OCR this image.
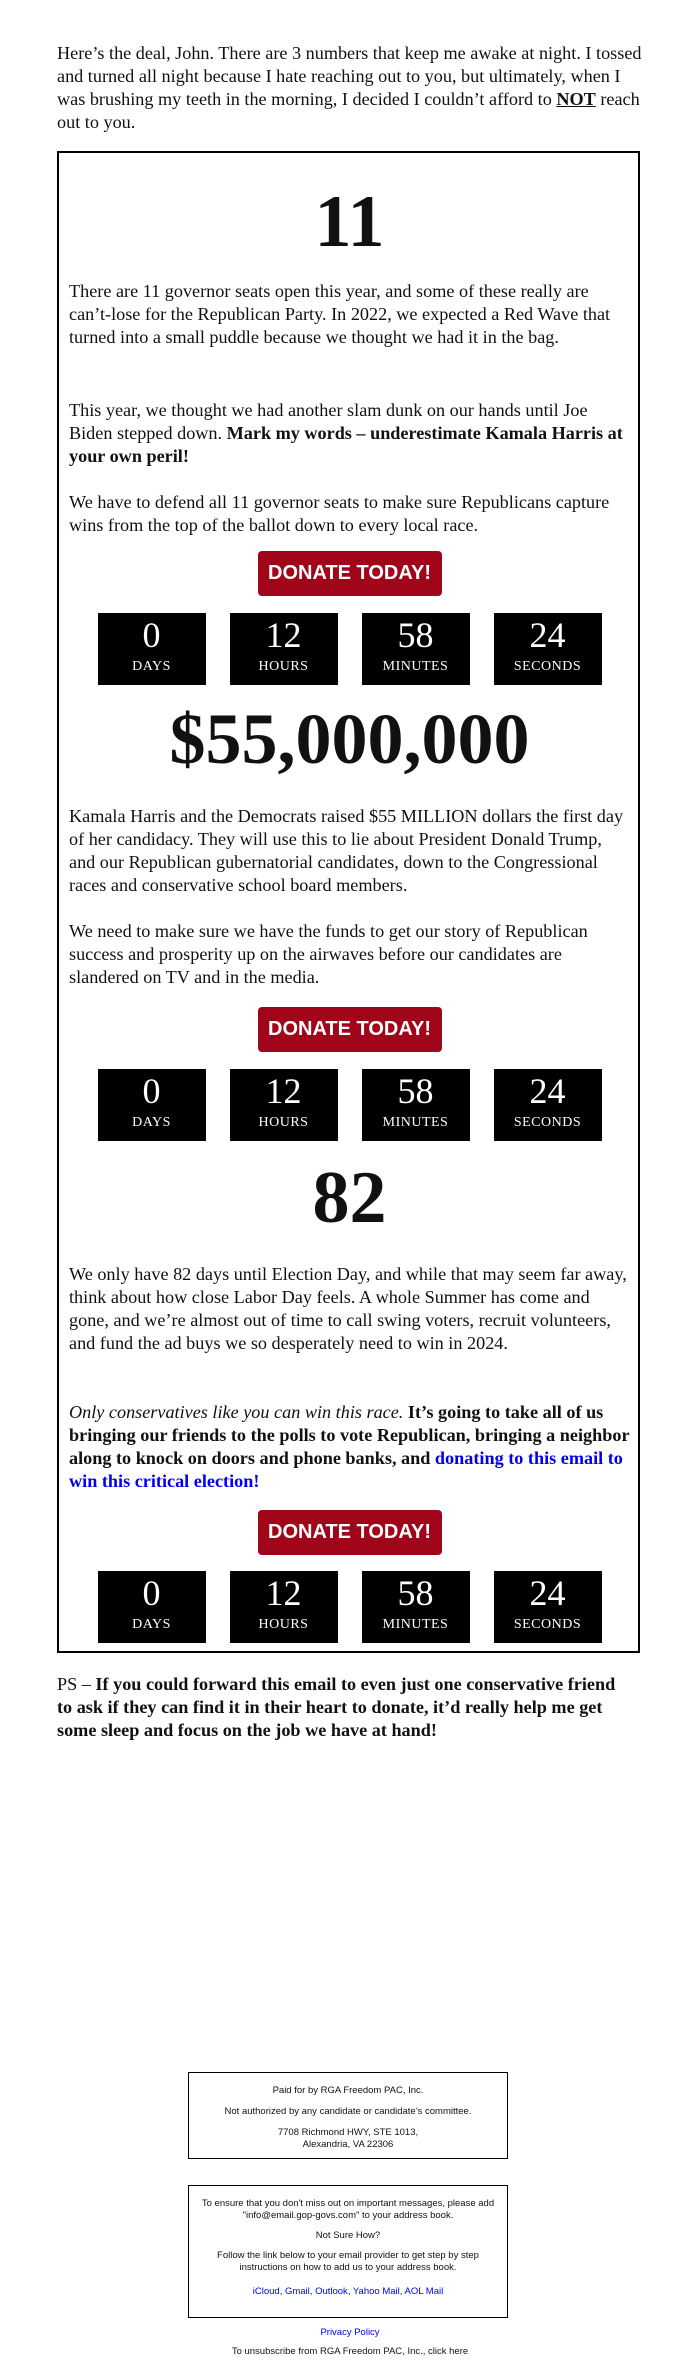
Here’s the deal, John. There are 3 numbers that keep me awake at night. I tossed and turned all night because I hate reaching out to you, but ultimately, when I was brushing my teeth in the morning, I decided I couldn’t afford to NOT reach out to you.

11

There are 11 governor seats open this year, and some of these really are can’t-lose for the Republican Party. In 2022, we expected a Red Wave that turned into a small puddle because we thought we had it in the bag.

This year, we thought we had another slam dunk on our hands until Joe Biden stepped down. Mark my words – underestimate Kamala Harris at your own peril!

We have to defend all 11 governor seats to make sure Republicans capture wins from the top of the ballot down to every local race.

DONATE TODAY!
0
DAYS
12
HOURS
58
MINUTES
24
SECONDS
$55,000,000

Kamala Harris and the Democrats raised $55 MILLION dollars the first day of her candidacy. They will use this to lie about President Donald Trump, and our Republican gubernatorial candidates, down to the Congressional races and conservative school board members.

We need to make sure we have the funds to get our story of Republican success and prosperity up on the airwaves before our candidates are slandered on TV and in the media.

DONATE TODAY!
0
DAYS
12
HOURS
58
MINUTES
24
SECONDS
82

We only have 82 days until Election Day, and while that may seem far away, think about how close Labor Day feels. A whole Summer has come and gone, and we’re almost out of time to call swing voters, recruit volunteers, and fund the ad buys we so desperately need to win in 2024.

Only conservatives like you can win this race. It’s going to take all of us bringing our friends to the polls to vote Republican, bringing a neighbor along to knock on doors and phone banks, and donating to this email to win this critical election!

DONATE TODAY!
0
DAYS
12
HOURS
58
MINUTES
24
SECONDS

PS – If you could forward this email to even just one conservative friend to ask if they can find it in their heart to donate, it’d really help me get some sleep and focus on the job we have at hand!

Paid for by RGA Freedom PAC, Inc.
Not authorized by any candidate or candidate’s committee.
7708 Richmond HWY, STE 1013,
Alexandria, VA 22306
To ensure that you don't miss out on important messages, please add "info@email.gop-govs.com" to your address book.
Not Sure How?
Follow the link below to your email provider to get step by step instructions on how to add us to your address book.
iCloud, Gmail, Outlook, Yahoo Mail, AOL Mail
Privacy Policy
To unsubscribe from RGA Freedom PAC, Inc., click here
